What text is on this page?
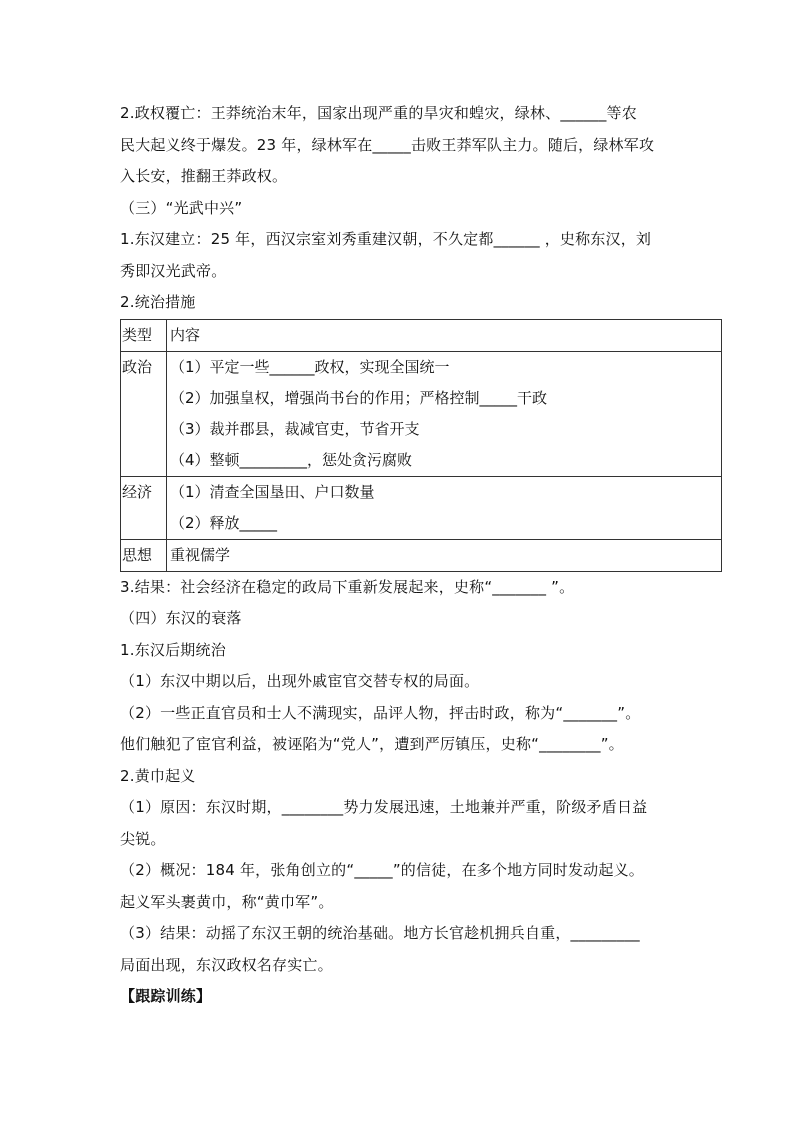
2.政权覆亡：王莽统治末年，国家出现严重的旱灾和蝗灾，绿林、______等农
民大起义终于爆发。23 年，绿林军在_____击败王莽军队主力。随后，绿林军攻
入长安，推翻王莽政权。
（三）“光武中兴”
1.东汉建立：25 年，西汉宗室刘秀重建汉朝，不久定都______ ，史称东汉，刘
秀即汉光武帝。
2.统治措施
类型	内容

政治	（1）平定一些______政权，实现全国统一
（2）加强皇权，增强尚书台的作用；严格控制_____干政
（3）裁并郡县，裁减官吏，节省开支
（4）整顿_________，惩处贪污腐败

经济	（1）清查全国垦田、户口数量
（2）释放_____

思想	重视儒学
3.结果：社会经济在稳定的政局下重新发展起来，史称“_______ ”。
（四）东汉的衰落
1.东汉后期统治
（1）东汉中期以后，出现外戚宦官交替专权的局面。
（2）一些正直官员和士人不满现实，品评人物，抨击时政，称为“_______”。
他们触犯了宦官利益，被诬陷为“党人”，遭到严厉镇压，史称“________”。
2.黄巾起义
（1）原因：东汉时期，________势力发展迅速，土地兼并严重，阶级矛盾日益
尖锐。
（2）概况：184 年，张角创立的“_____”的信徒，在多个地方同时发动起义。
起义军头裹黄巾，称“黄巾军”。
（3）结果：动摇了东汉王朝的统治基础。地方长官趁机拥兵自重，_________
局面出现，东汉政权名存实亡。
【跟踪训练】
